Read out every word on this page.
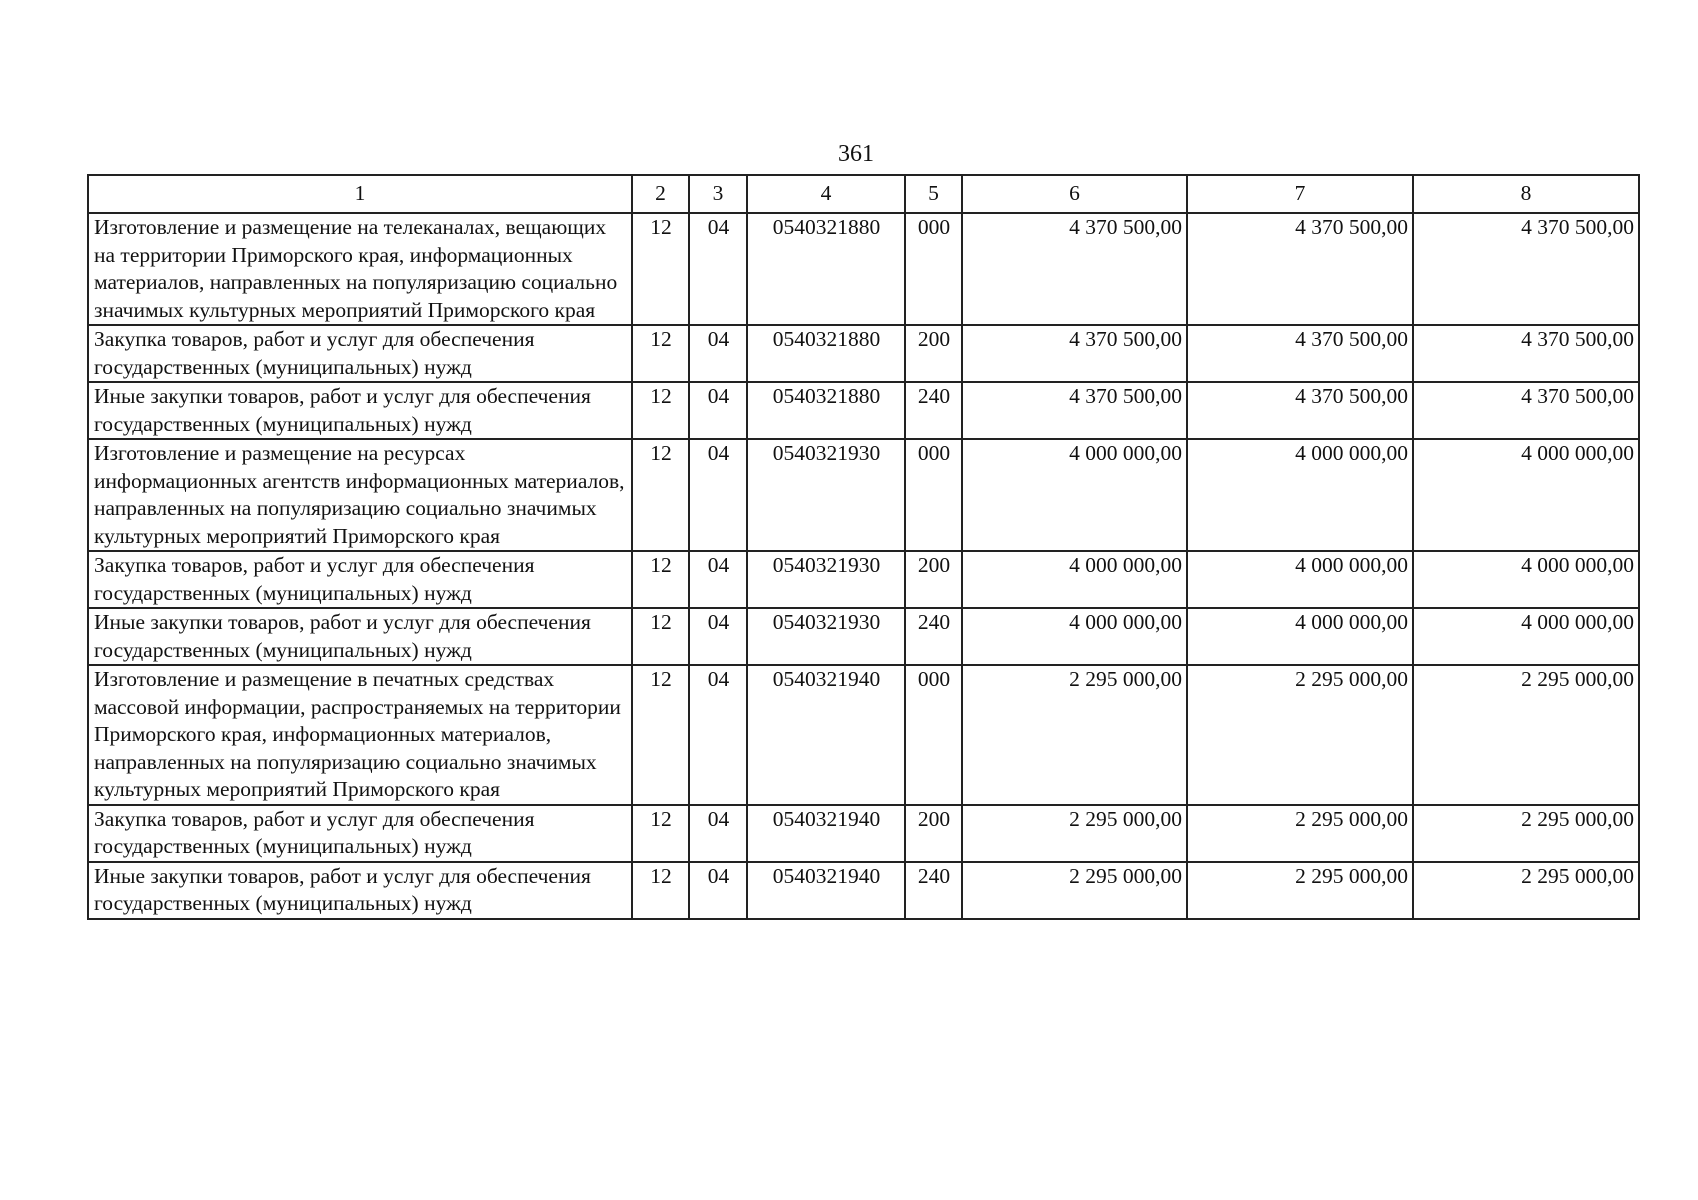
361
1	2	3	4	5	6	7	8
Изготовление и размещение на телеканалах, вещающих на территории Приморского края, информационных материалов, направленных на популяризацию социально значимых культурных мероприятий Приморского края	12	04	0540321880	000	4 370 500,00	4 370 500,00	4 370 500,00
Закупка товаров, работ и услуг для обеспечения государственных (муниципальных) нужд	12	04	0540321880	200	4 370 500,00	4 370 500,00	4 370 500,00
Иные закупки товаров, работ и услуг для обеспечения государственных (муниципальных) нужд	12	04	0540321880	240	4 370 500,00	4 370 500,00	4 370 500,00
Изготовление и размещение на ресурсах информационных агентств информационных материалов, направленных на популяризацию социально значимых культурных мероприятий Приморского края	12	04	0540321930	000	4 000 000,00	4 000 000,00	4 000 000,00
Закупка товаров, работ и услуг для обеспечения государственных (муниципальных) нужд	12	04	0540321930	200	4 000 000,00	4 000 000,00	4 000 000,00
Иные закупки товаров, работ и услуг для обеспечения государственных (муниципальных) нужд	12	04	0540321930	240	4 000 000,00	4 000 000,00	4 000 000,00
Изготовление и размещение в печатных средствах массовой информации, распространяемых на территории Приморского края, информационных материалов, направленных на популяризацию социально значимых культурных мероприятий Приморского края	12	04	0540321940	000	2 295 000,00	2 295 000,00	2 295 000,00
Закупка товаров, работ и услуг для обеспечения государственных (муниципальных) нужд	12	04	0540321940	200	2 295 000,00	2 295 000,00	2 295 000,00
Иные закупки товаров, работ и услуг для обеспечения государственных (муниципальных) нужд	12	04	0540321940	240	2 295 000,00	2 295 000,00	2 295 000,00
